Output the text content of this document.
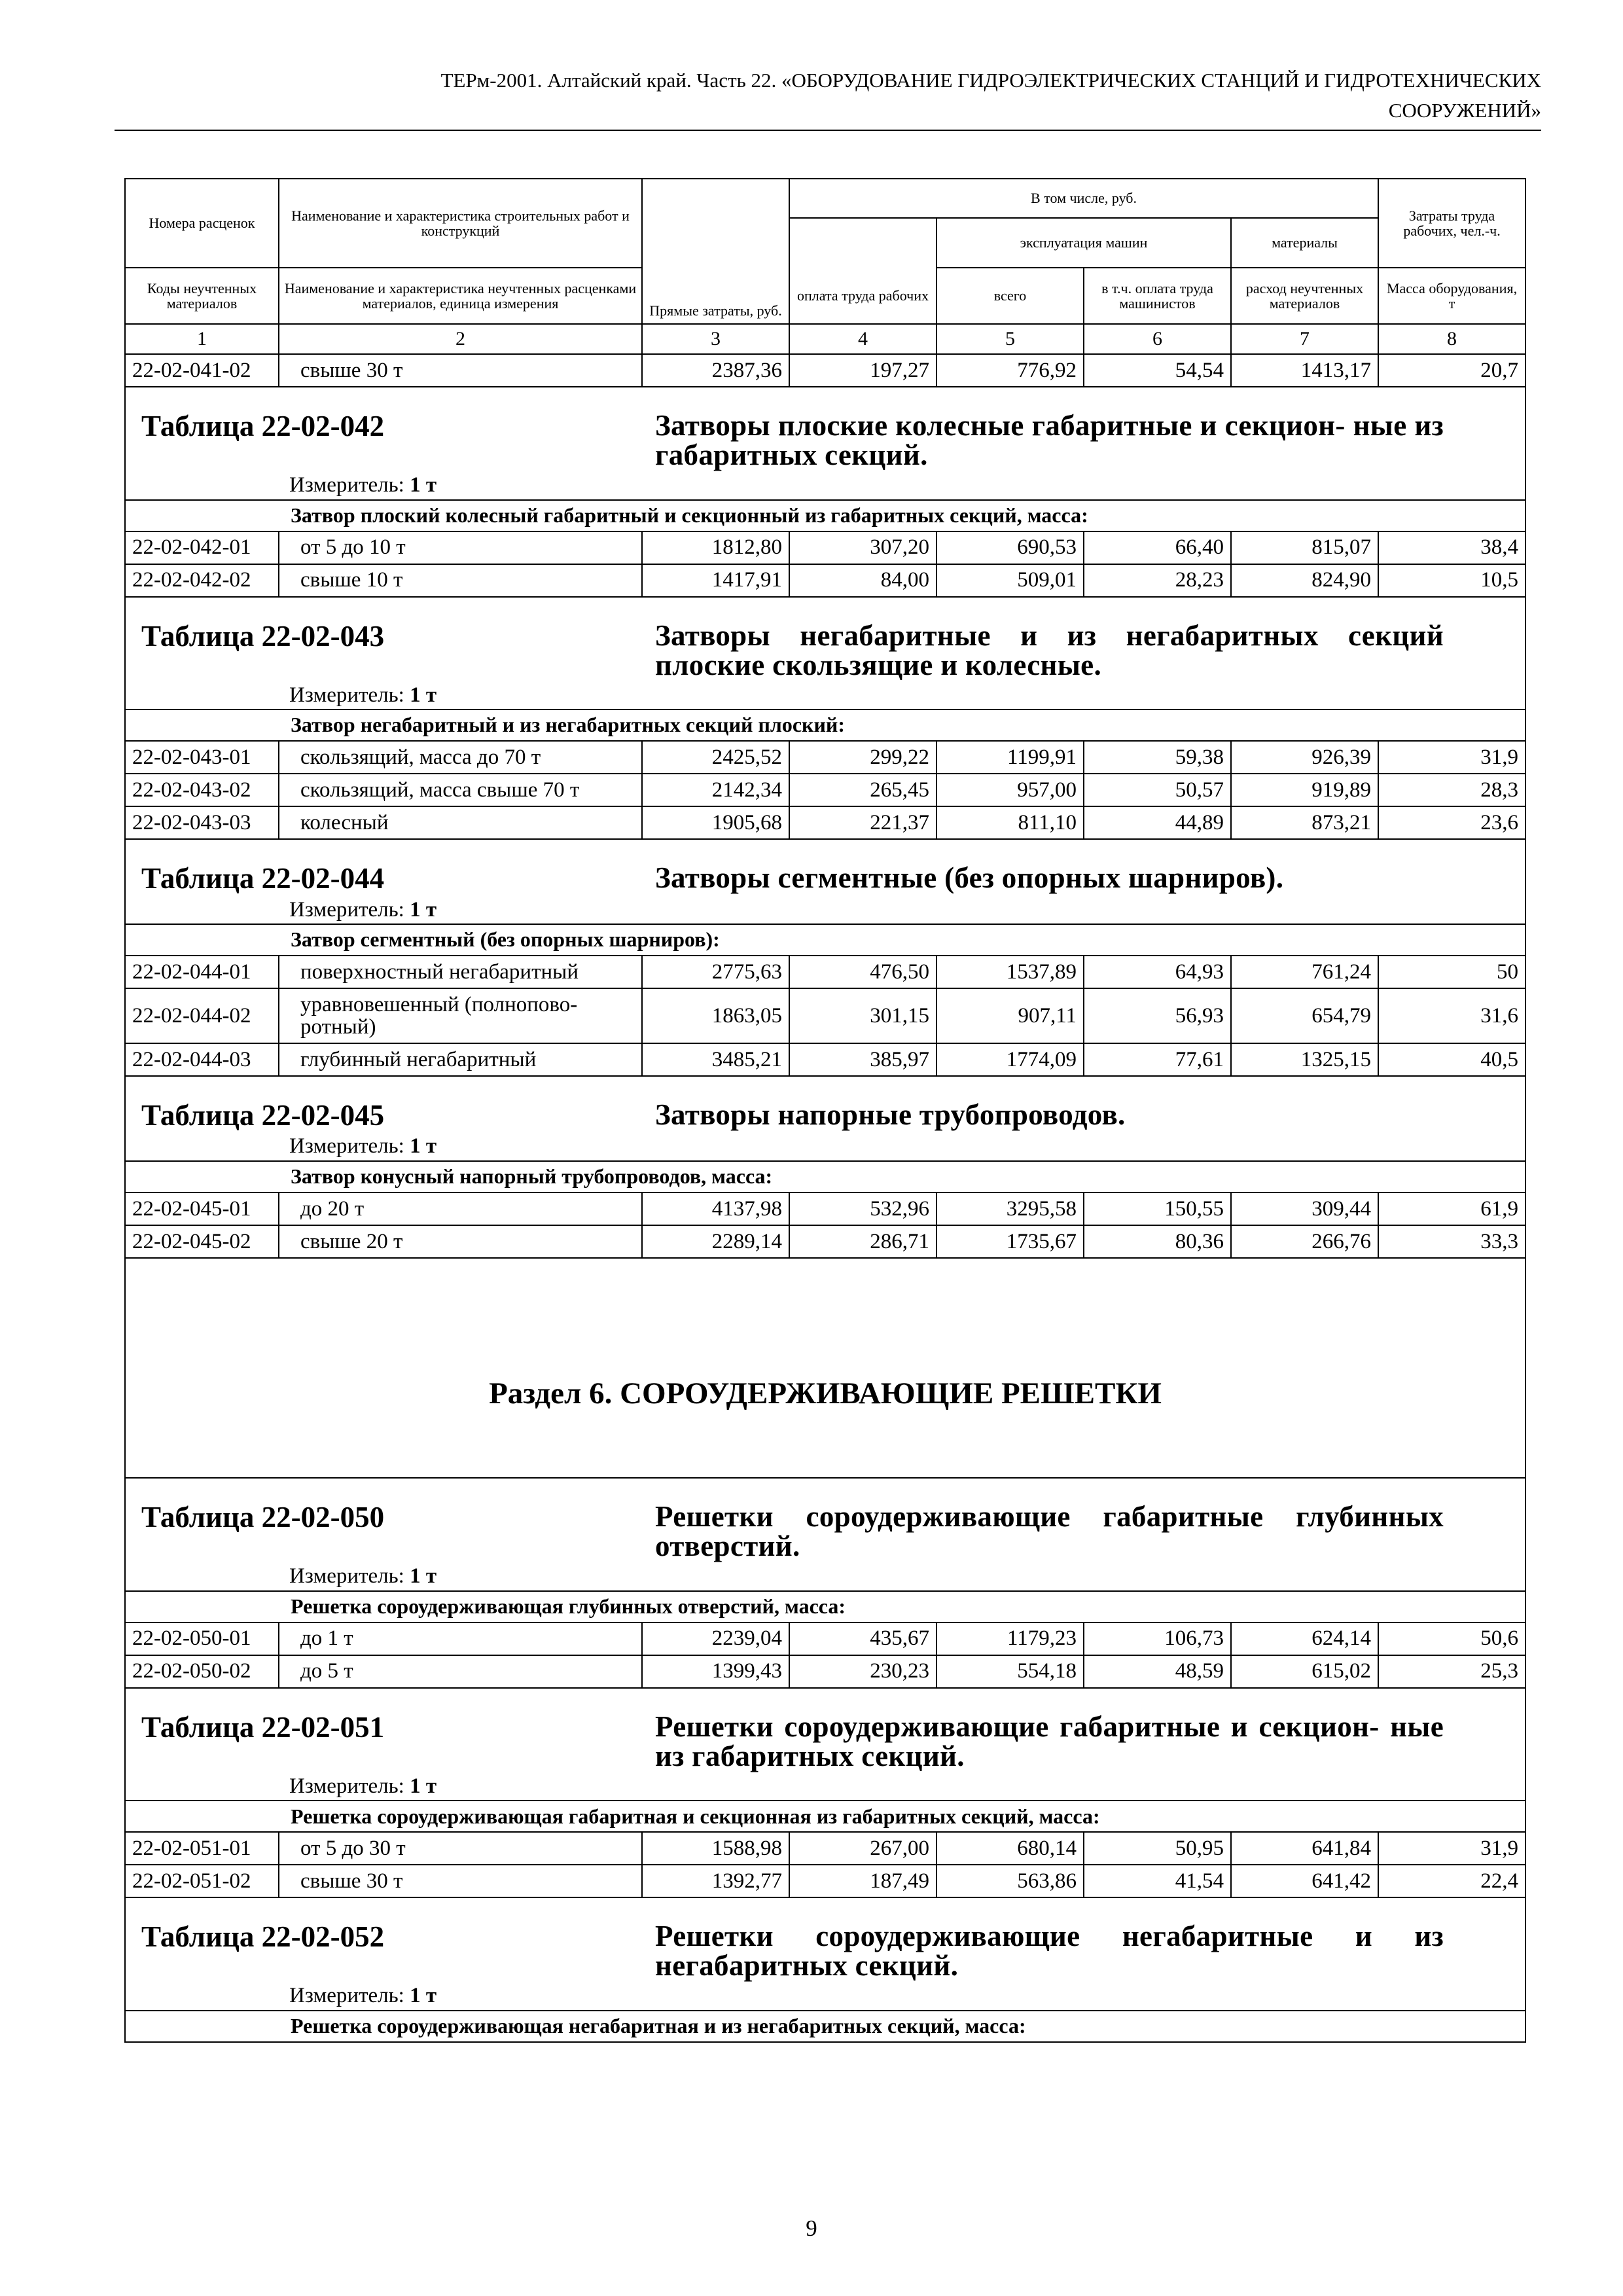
ТЕРм-2001. Алтайский край. Часть 22. «ОБОРУДОВАНИЕ ГИДРОЭЛЕКТРИЧЕСКИХ СТАНЦИЙ И ГИДРОТЕХНИЧЕСКИХ
СООРУЖЕНИЙ»
Номера расценок	Наименование и характеристика строительных работ и конструкций	Прямые затраты, руб.	В том числе, руб.				Затраты труда рабочих, чел.-ч.
				эксплуатация машин		материалы	
Коды неучтенных материалов	Наименование и характеристика неучтенных расценками материалов, единица измерения		оплата труда рабочих	всего	в т.ч. оплата труда машинистов	расход неучтенных материалов	Масса оборудования, т
1	2	3	4	5	6	7	8
22-02-041-02	свыше 30 т	2387,36	197,27	776,92	54,54	1413,17	20,7

Таблица 22-02-042 Затворы плоские колесные габаритные и секцион- ные из габаритных секций.
Измеритель: 1 т							

Затвор плоский колесный габаритный и секционный из габаритных секций, масса:							
22-02-042-01	от 5 до 10 т	1812,80	307,20	690,53	66,40	815,07	38,4
22-02-042-02	свыше 10 т	1417,91	84,00	509,01	28,23	824,90	10,5

Таблица 22-02-043 Затворы негабаритные и из негабаритных секций плоские скользящие и колесные.
Измеритель: 1 т							

Затвор негабаритный и из негабаритных секций плоский:							
22-02-043-01	скользящий, масса до 70 т	2425,52	299,22	1199,91	59,38	926,39	31,9
22-02-043-02	скользящий, масса свыше 70 т	2142,34	265,45	957,00	50,57	919,89	28,3
22-02-043-03	колесный	1905,68	221,37	811,10	44,89	873,21	23,6

Таблица 22-02-044 Затворы сегментные (без опорных шарниров).
Измеритель: 1 т							

Затвор сегментный (без опорных шарниров):							
22-02-044-01	поверхностный негабаритный	2775,63	476,50	1537,89	64,93	761,24	50
22-02-044-02	уравновешенный (полнопово- ротный)	1863,05	301,15	907,11	56,93	654,79	31,6
22-02-044-03	глубинный негабаритный	3485,21	385,97	1774,09	77,61	1325,15	40,5

Таблица 22-02-045 Затворы напорные трубопроводов.
Измеритель: 1 т							

Затвор конусный напорный трубопроводов, масса:							
22-02-045-01	до 20 т	4137,98	532,96	3295,58	150,55	309,44	61,9
22-02-045-02	свыше 20 т	2289,14	286,71	1735,67	80,36	266,76	33,3
Раздел 6. СОРОУДЕРЖИВАЮЩИЕ РЕШЕТКИ							

Таблица 22-02-050 Решетки сороудерживающие габаритные глубинных отверстий.
Измеритель: 1 т							

Решетка сороудерживающая глубинных отверстий, масса:							
22-02-050-01	до 1 т	2239,04	435,67	1179,23	106,73	624,14	50,6
22-02-050-02	до 5 т	1399,43	230,23	554,18	48,59	615,02	25,3

Таблица 22-02-051 Решетки сороудерживающие габаритные и секцион- ные из габаритных секций.
Измеритель: 1 т							

Решетка сороудерживающая габаритная и секционная из габаритных секций, масса:							
22-02-051-01	от 5 до 30 т	1588,98	267,00	680,14	50,95	641,84	31,9
22-02-051-02	свыше 30 т	1392,77	187,49	563,86	41,54	641,42	22,4

Таблица 22-02-052 Решетки сороудерживающие негабаритные и из негабаритных секций.
Измеритель: 1 т							

Решетка сороудерживающая негабаритная и из негабаритных секций, масса:							
9
